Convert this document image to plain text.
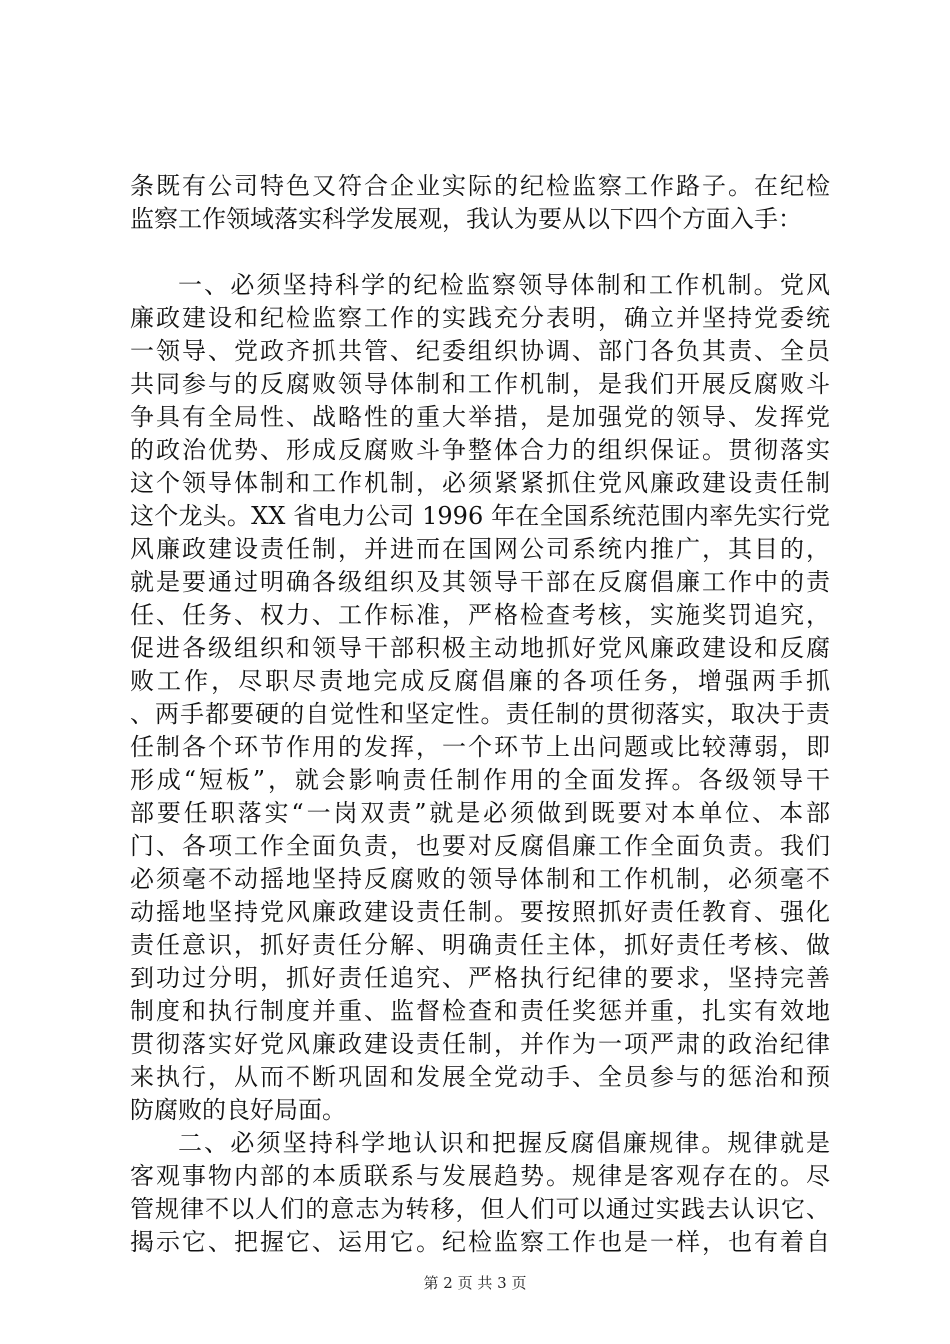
条既有公司特色又符合企业实际的纪检监察工作路子。在纪检
监察工作领域落实科学发展观，我认为要从以下四个方面入手：
一、必须坚持科学的纪检监察领导体制和工作机制。党风
廉政建设和纪检监察工作的实践充分表明，确立并坚持党委统
一领导、党政齐抓共管、纪委组织协调、部门各负其责、全员
共同参与的反腐败领导体制和工作机制，是我们开展反腐败斗
争具有全局性、战略性的重大举措，是加强党的领导、发挥党
的政治优势、形成反腐败斗争整体合力的组织保证。贯彻落实
这个领导体制和工作机制，必须紧紧抓住党风廉政建设责任制
这个龙头。XX 省电力公司 1996 年在全国系统范围内率先实行党
风廉政建设责任制，并进而在国网公司系统内推广，其目的，
就是要通过明确各级组织及其领导干部在反腐倡廉工作中的责
任、任务、权力、工作标准，严格检查考核，实施奖罚追究，
促进各级组织和领导干部积极主动地抓好党风廉政建设和反腐
败工作，尽职尽责地完成反腐倡廉的各项任务，增强两手抓
、两手都要硬的自觉性和坚定性。责任制的贯彻落实，取决于责
任制各个环节作用的发挥，一个环节上出问题或比较薄弱，即
形成“短板”，就会影响责任制作用的全面发挥。各级领导干
部要任职落实“一岗双责”就是必须做到既要对本单位、本部
门、各项工作全面负责，也要对反腐倡廉工作全面负责。我们
必须毫不动摇地坚持反腐败的领导体制和工作机制，必须毫不
动摇地坚持党风廉政建设责任制。要按照抓好责任教育、强化
责任意识，抓好责任分解、明确责任主体，抓好责任考核、做
到功过分明，抓好责任追究、严格执行纪律的要求，坚持完善
制度和执行制度并重、监督检查和责任奖惩并重，扎实有效地
贯彻落实好党风廉政建设责任制，并作为一项严肃的政治纪律
来执行，从而不断巩固和发展全党动手、全员参与的惩治和预
防腐败的良好局面。
二、必须坚持科学地认识和把握反腐倡廉规律。规律就是
客观事物内部的本质联系与发展趋势。规律是客观存在的。尽
管规律不以人们的意志为转移，但人们可以通过实践去认识它、
揭示它、把握它、运用它。纪检监察工作也是一样，也有着自
第 2 页 共 3 页
